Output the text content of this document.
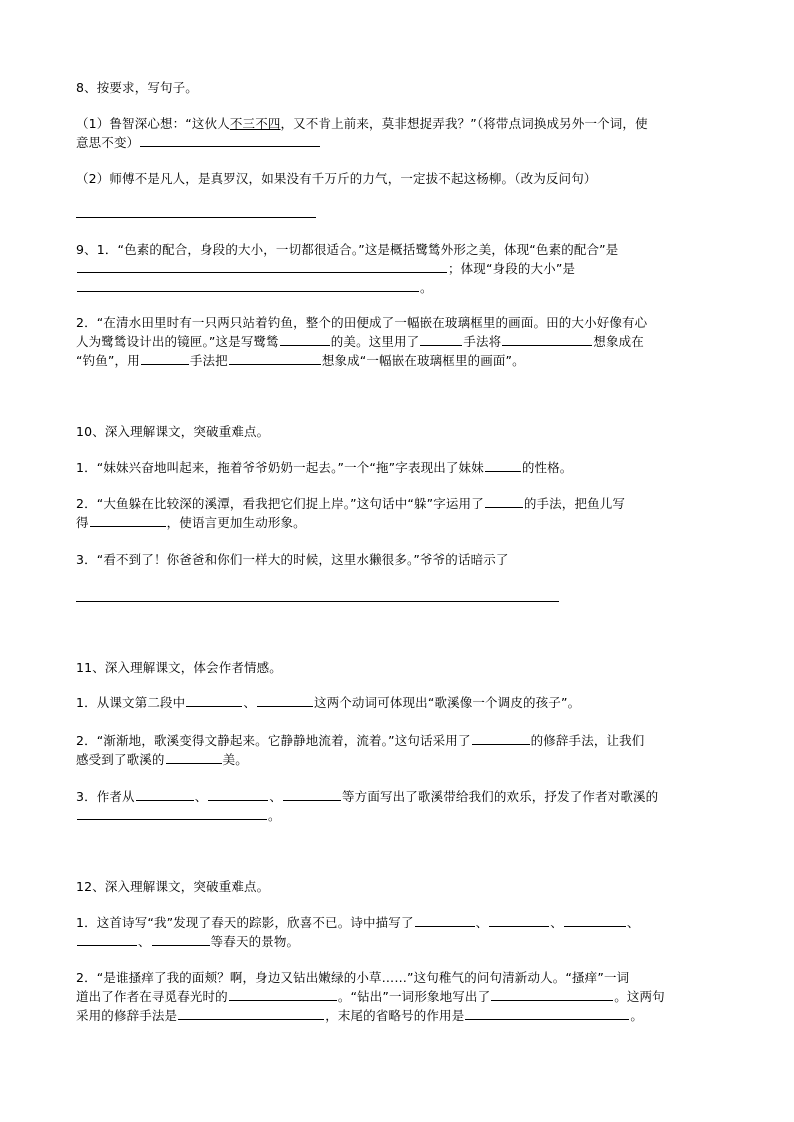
8、按要求，写句子。
（1）鲁智深心想：“这伙人不三不四，又不肯上前来，莫非想捉弄我？”（将带点词换成另外一个词，使
意思不变）
（2）师傅不是凡人，是真罗汉，如果没有千万斤的力气，一定拔不起这杨柳。（改为反问句）
9、1．“色素的配合，身段的大小，一切都很适合。”这是概括鹭鸶外形之美，体现“色素的配合”是
；体现“身段的大小”是
。
2．“在清水田里时有一只两只站着钓鱼，整个的田便成了一幅嵌在玻璃框里的画面。田的大小好像有心
人为鹭鸶设计出的镜匣。”这是写鹭鸶	的美。这里用了	手法将	想象成在
“钓鱼”，用	手法把	想象成“一幅嵌在玻璃框里的画面”。
10、深入理解课文，突破重难点。
1．“妹妹兴奋地叫起来，拖着爷爷奶奶一起去。”一个“拖”字表现出了妹妹	的性格。
2．“大鱼躲在比较深的溪潭，看我把它们捉上岸。”这句话中“躲”字运用了	的手法，把鱼儿写
得	，使语言更加生动形象。
3．“看不到了！你爸爸和你们一样大的时候，这里水獭很多。”爷爷的话暗示了
11、深入理解课文，体会作者情感。
1．从课文第二段中	、	这两个动词可体现出“歌溪像一个调皮的孩子”。
2．“渐渐地，歌溪变得文静起来。它静静地流着，流着。”这句话采用了	的修辞手法，让我们
感受到了歌溪的	美。
3．作者从	、	、	等方面写出了歌溪带给我们的欢乐，抒发了作者对歌溪的
。
12、深入理解课文，突破重难点。
1．这首诗写“我”发现了春天的踪影，欣喜不已。诗中描写了	、	、	、
、	等春天的景物。
2．“是谁搔痒了我的面颊？啊，身边又钻出嫩绿的小草……”这句稚气的问句清新动人。“搔痒”一词
道出了作者在寻觅春光时的	。“钻出”一词形象地写出了	。这两句
采用的修辞手法是	，末尾的省略号的作用是	。
